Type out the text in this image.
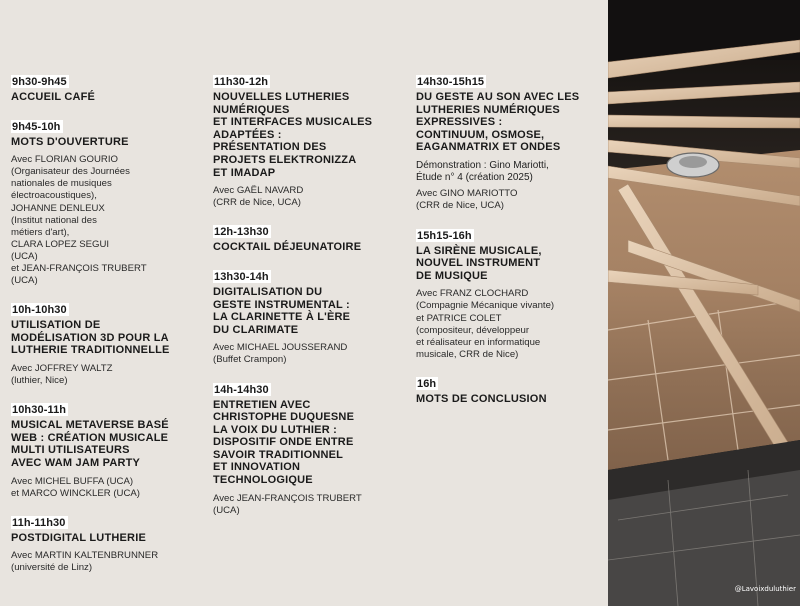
9h30-9h45
ACCUEIL CAFÉ
9h45-10h
MOTS D'OUVERTURE
Avec FLORIAN GOURIO
(Organisateur des Journées
nationales de musiques
électroacoustiques),
JOHANNE DENLEUX
(Institut national des
métiers d'art),
CLARA LOPEZ SEGUI
(UCA)
et JEAN-FRANÇOIS TRUBERT
(UCA)
10h-10h30
UTILISATION DE
MODÉLISATION 3D POUR LA
LUTHERIE TRADITIONNELLE
Avec JOFFREY WALTZ
(luthier, Nice)
10h30-11h
MUSICAL METAVERSE BASÉ
WEB : CRÉATION MUSICALE
MULTI UTILISATEURS
AVEC WAM JAM PARTY
Avec MICHEL BUFFA (UCA)
et MARCO WINCKLER (UCA)
11h-11h30
POSTDIGITAL LUTHERIE
Avec MARTIN KALTENBRUNNER
(université de Linz)
11h30-12h
NOUVELLES LUTHERIES
NUMÉRIQUES
ET INTERFACES MUSICALES
ADAPTÉES :
PRÉSENTATION DES
PROJETS ELEKTRONIZZA
ET IMADAP
Avec GAËL NAVARD
(CRR de Nice, UCA)
12h-13h30
COCKTAIL DÉJEUNATOIRE
13h30-14h
DIGITALISATION DU
GESTE INSTRUMENTAL :
LA CLARINETTE À L'ÈRE
DU CLARIMATE
Avec MICHAEL JOUSSERAND
(Buffet Crampon)
14h-14h30
ENTRETIEN AVEC
CHRISTOPHE DUQUESNE
LA VOIX DU LUTHIER :
DISPOSITIF ONDE ENTRE
SAVOIR TRADITIONNEL
ET INNOVATION
TECHNOLOGIQUE
Avec JEAN-FRANÇOIS TRUBERT
(UCA)
14h30-15h15
DU GESTE AU SON AVEC LES
LUTHERIES NUMÉRIQUES
EXPRESSIVES :
CONTINUUM, OSMOSE,
EAGANMATRIX ET ONDES
Démonstration : Gino Mariotti,
Étude n° 4 (création 2025)
Avec GINO MARIOTTO
(CRR de Nice, UCA)
15h15-16h
LA SIRÈNE MUSICALE,
NOUVEL INSTRUMENT
DE MUSIQUE
Avec FRANZ CLOCHARD
(Compagnie Mécanique vivante)
et PATRICE COLET
(compositeur, développeur
et réalisateur en informatique
musicale, CRR de Nice)
16h
MOTS DE CONCLUSION
@Lavoixduluthier
